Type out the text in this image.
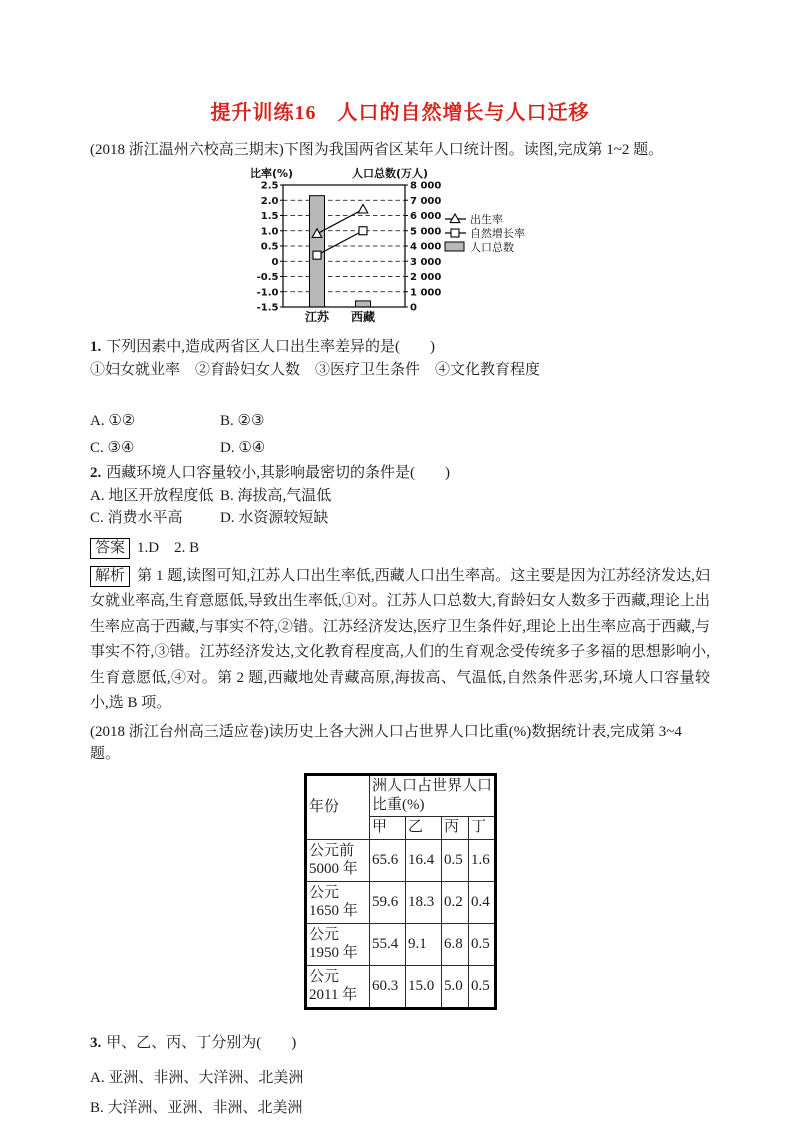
提升训练16　人口的自然增长与人口迁移

(2018 浙江温州六校高三期末)下图为我国两省区某年人口统计图。读图,完成第 1~2 题。

2.5
2.0
1.5
1.0
0.5
0
-0.5
-1.0
-1.5
8 000
7 000
6 000
5 000
4 000
3 000
2 000
1 000
0
比率(%)	人口总数(万人)
江苏 西藏
出生率
自然增长率
人口总数

1. 下列因素中,造成两省区人口出生率差异的是(　　)

①妇女就业率　②育龄妇女人数　③医疗卫生条件　④文化教育程度

A. ①②	B. ②③
C. ③④	D. ①④

2. 西藏环境人口容量较小,其影响最密切的条件是(　　)

A. 地区开放程度低 B. 海拔高,气温低
C. 消费水平高 D. 水资源较短缺

答案 1.D　2. B

解析 第 1 题,读图可知,江苏人口出生率低,西藏人口出生率高。这主要是因为江苏经济发达,妇女就业率高,生育意愿低,导致出生率低,①对。江苏人口总数大,育龄妇女人数多于西藏,理论上出生率应高于西藏,与事实不符,②错。江苏经济发达,医疗卫生条件好,理论上出生率应高于西藏,与事实不符,③错。江苏经济发达,文化教育程度高,人们的生育观念受传统多子多福的思想影响小,生育意愿低,④对。第 2 题,西藏地处青藏高原,海拔高、气温低,自然条件恶劣,环境人口容量较小,选 B 项。

(2018 浙江台州高三适应卷)读历史上各大洲人口占世界人口比重(%)数据统计表,完成第 3~4 题。

年份	洲人口占世界人口比重(%)			
	甲	乙	丙	丁

公元前
5000 年	65.6	16.4	0.5	1.6

公元
1650 年	59.6	18.3	0.2	0.4

公元
1950 年	55.4	9.1	6.8	0.5

公元
2011 年	60.3	15.0	5.0	0.5

3. 甲、乙、丙、丁分别为(　　)

A. 亚洲、非洲、大洋洲、北美洲

B. 大洋洲、亚洲、非洲、北美洲
